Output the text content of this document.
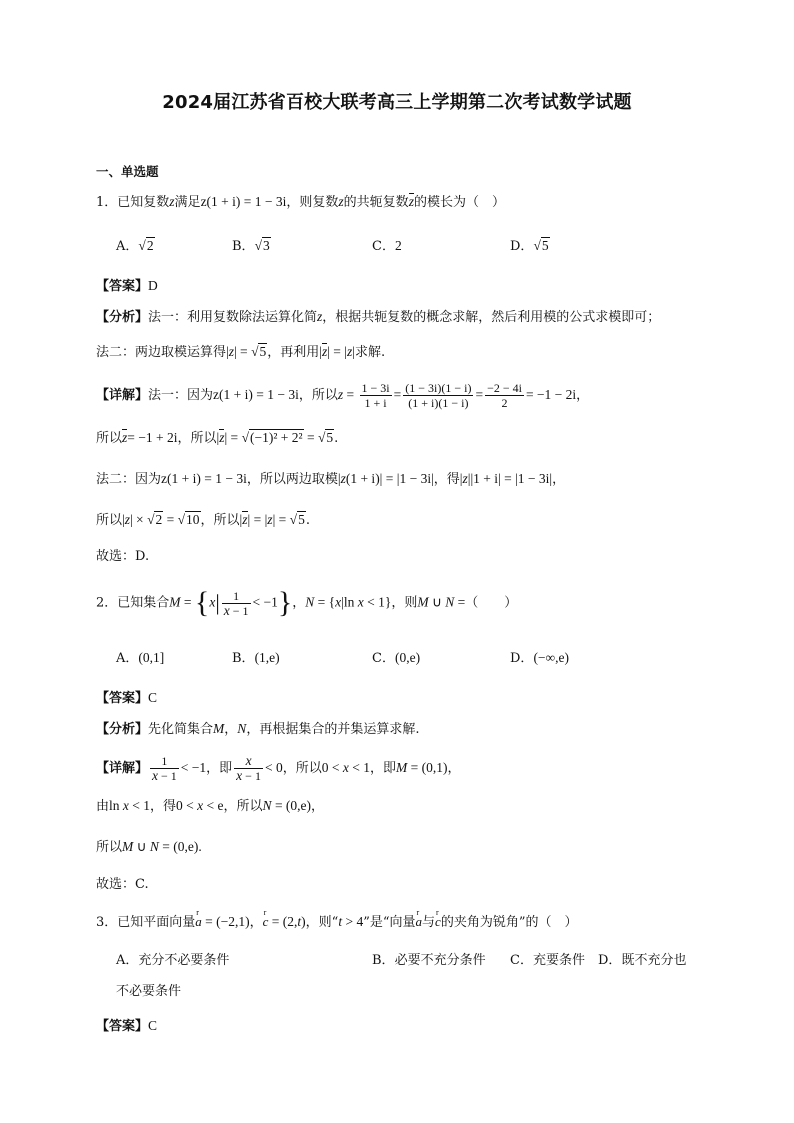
2024届江苏省百校大联考高三上学期第二次考试数学试题
一、单选题
1．已知复数z满足z(1 + i) = 1 − 3i，则复数z的共轭复数z的模长为（　）
A．√2	B．√3	C．2	D．√5
【答案】D
【分析】法一：利用复数除法运算化简z，根据共轭复数的概念求解，然后利用模的公式求模即可；
法二：两边取模运算得|z| = √5，再利用|z| = |z|求解.
【详解】法一：因为z(1 + i) = 1 − 3i，所以$z = \frac{1 - 3i}{1 + i} = \frac{(1 - 3i)(1 - i)}{(1 + i)(1 - i)} = \frac{-2 - 4i}{2} = -1 - 2i$，
所以z= −1 + 2i，所以|z| = √(−1)² + 2² = √5.
法二：因为z(1 + i) = 1 − 3i，所以两边取模|z(1 + i)| = |1 − 3i|，得|z||1 + i| = |1 − 3i|，
所以|z| × √2 = √10，所以|z| = |z| = √5.
故选：D.
2．已知集合$M = \{x| \frac{1}{x - 1} < -1\}$，N = {x|ln x < 1}，则M ∪ N =（　　）
A．(0,1]	B．(1,e)	C．(0,e)	D．(−∞,e)
【答案】C
【分析】先化简集合M，N，再根据集合的并集运算求解.
【详解】 $\frac{1}{x - 1} < -1$，即 $\frac{x}{x - 1} < 0$，所以0 < x < 1，即M = (0,1)，
由ln x < 1，得0 < x < e，所以N = (0,e)，
所以M ∪ N = (0,e).
故选：C.
3．已知平面向量r a = (−2,1)，r c = (2,t)，则“t > 4”是“向量r a与r c的夹角为锐角”的（　）
A．充分不必要条件	B．必要不充分条件 C．充要条件 D．既不充分也
不必要条件
【答案】C
